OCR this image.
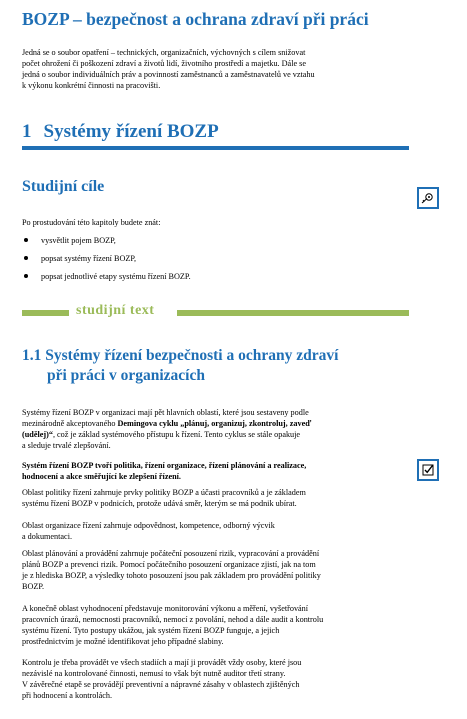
BOZP – bezpečnost a ochrana zdraví při práci
Jedná se o soubor opatření – technických, organizačních, výchovných s cílem snižovat
počet ohrožení či poškození zdraví a životů lidí, životního prostředí a majetku. Dále se
jedná o soubor individuálních práv a povinností zaměstnanců a zaměstnavatelů ve vztahu
k výkonu konkrétní činnosti na pracovišti.
1 Systémy řízení BOZP
Studijní cíle
Po prostudování této kapitoly budete znát:
vysvětlit pojem BOZP,
popsat systémy řízení BOZP,
popsat jednotlivé etapy systému řízení BOZP.
studijní text
1.1 Systémy řízení bezpečnosti a ochrany zdraví
při práci v organizacích
Systémy řízení BOZP v organizaci mají pět hlavních oblastí, které jsou sestaveny podle
mezinárodně akceptovaného Demingova cyklu „plánuj, organizuj, zkontroluj, zaveď
(udělej)“, což je základ systémového přístupu k řízení. Tento cyklus se stále opakuje
a sleduje trvalé zlepšování.
Systém řízení BOZP tvoří politika, řízení organizace, řízení plánování a realizace,
hodnocení a akce směřující ke zlepšení řízení.
Oblast politiky řízení zahrnuje prvky politiky BOZP a účasti pracovníků a je základem
systému řízení BOZP v podnicích, protože udává směr, kterým se má podnik ubírat.
Oblast organizace řízení zahrnuje odpovědnost, kompetence, odborný výcvik
a dokumentaci.
Oblast plánování a provádění zahrnuje počáteční posouzení rizik, vypracování a provádění
plánů BOZP a prevenci rizik. Pomocí počátečního posouzení organizace zjistí, jak na tom
je z hlediska BOZP, a výsledky tohoto posouzení jsou pak základem pro provádění politiky
BOZP.
A konečně oblast vyhodnocení představuje monitorování výkonu a měření, vyšetřování
pracovních úrazů, nemocnosti pracovníků, nemocí z povolání, nehod a dále audit a kontrolu
systému řízení. Tyto postupy ukážou, jak systém řízení BOZP funguje, a jejich
prostřednictvím je možné identifikovat jeho případné slabiny.
Kontrolu je třeba provádět ve všech stadiích a mají ji provádět vždy osoby, které jsou
nezávislé na kontrolované činnosti, nemusí to však být nutně auditor třetí strany.
V závěrečné etapě se provádějí preventivní a nápravné zásahy v oblastech zjištěných
při hodnocení a kontrolách.
